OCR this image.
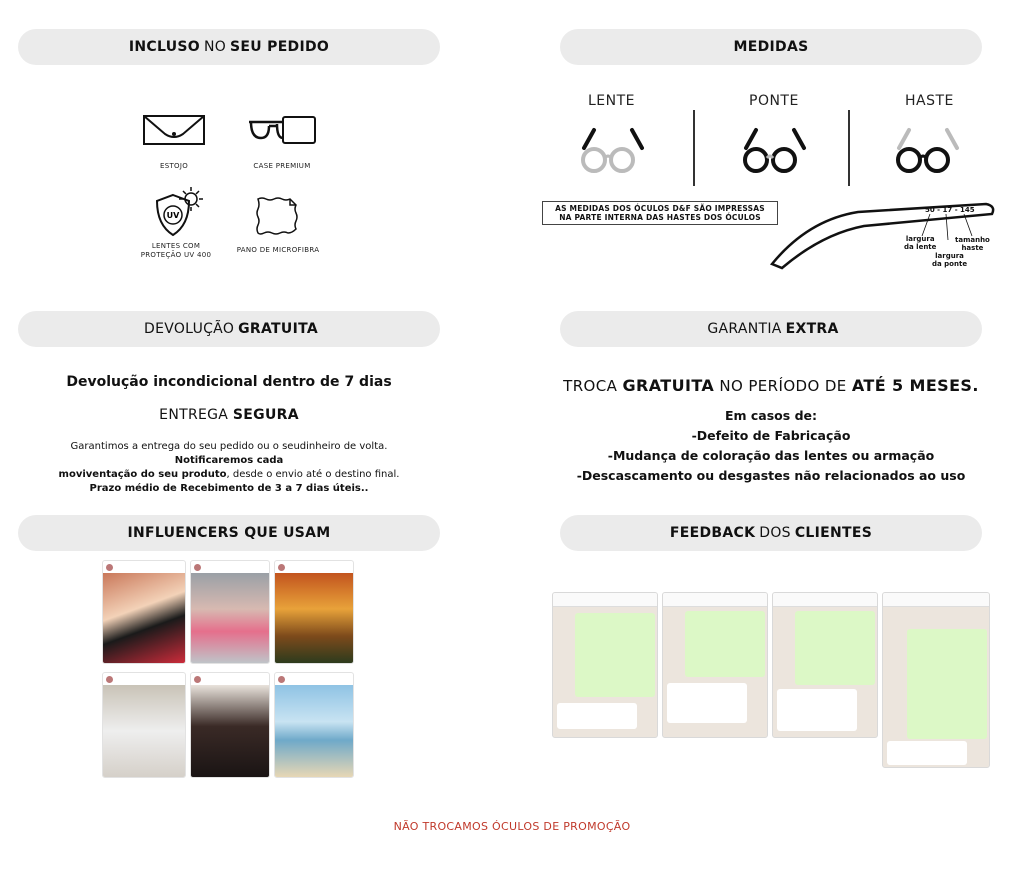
INCLUSO NO SEU PEDIDO
ESTOJO	CASE PREMIUM
UV
LENTES COM
PROTEÇÃO UV 400
PANO DE MICROFIBRA
MEDIDAS
LENTE	PONTE	HASTE
AS MEDIDAS DOS ÓCULOS D&F SÃO IMPRESSAS
NA PARTE INTERNA DAS HASTES DOS ÓCULOS
50 - 17 - 145
largura
da lente
largura
da ponte
tamanho
haste
DEVOLUÇÃO GRATUITA
Devolução incondicional dentro de 7 dias
ENTREGA SEGURA
Garantimos a entrega do seu pedido ou o seudinheiro de volta.
Notificaremos cada
moviventação do seu produto, desde o envio até o destino final.
Prazo médio de Recebimento de 3 a 7 dias úteis..
GARANTIA EXTRA
TROCA GRATUITA NO PERÍODO DE ATÉ 5 MESES.
Em casos de:
-Defeito de Fabricação
-Mudança de coloração das lentes ou armação
-Descascamento ou desgastes não relacionados ao uso
INFLUENCERS QUE USAM	FEEDBACK DOS CLIENTES
NÃO TROCAMOS ÓCULOS DE PROMOÇÃO
